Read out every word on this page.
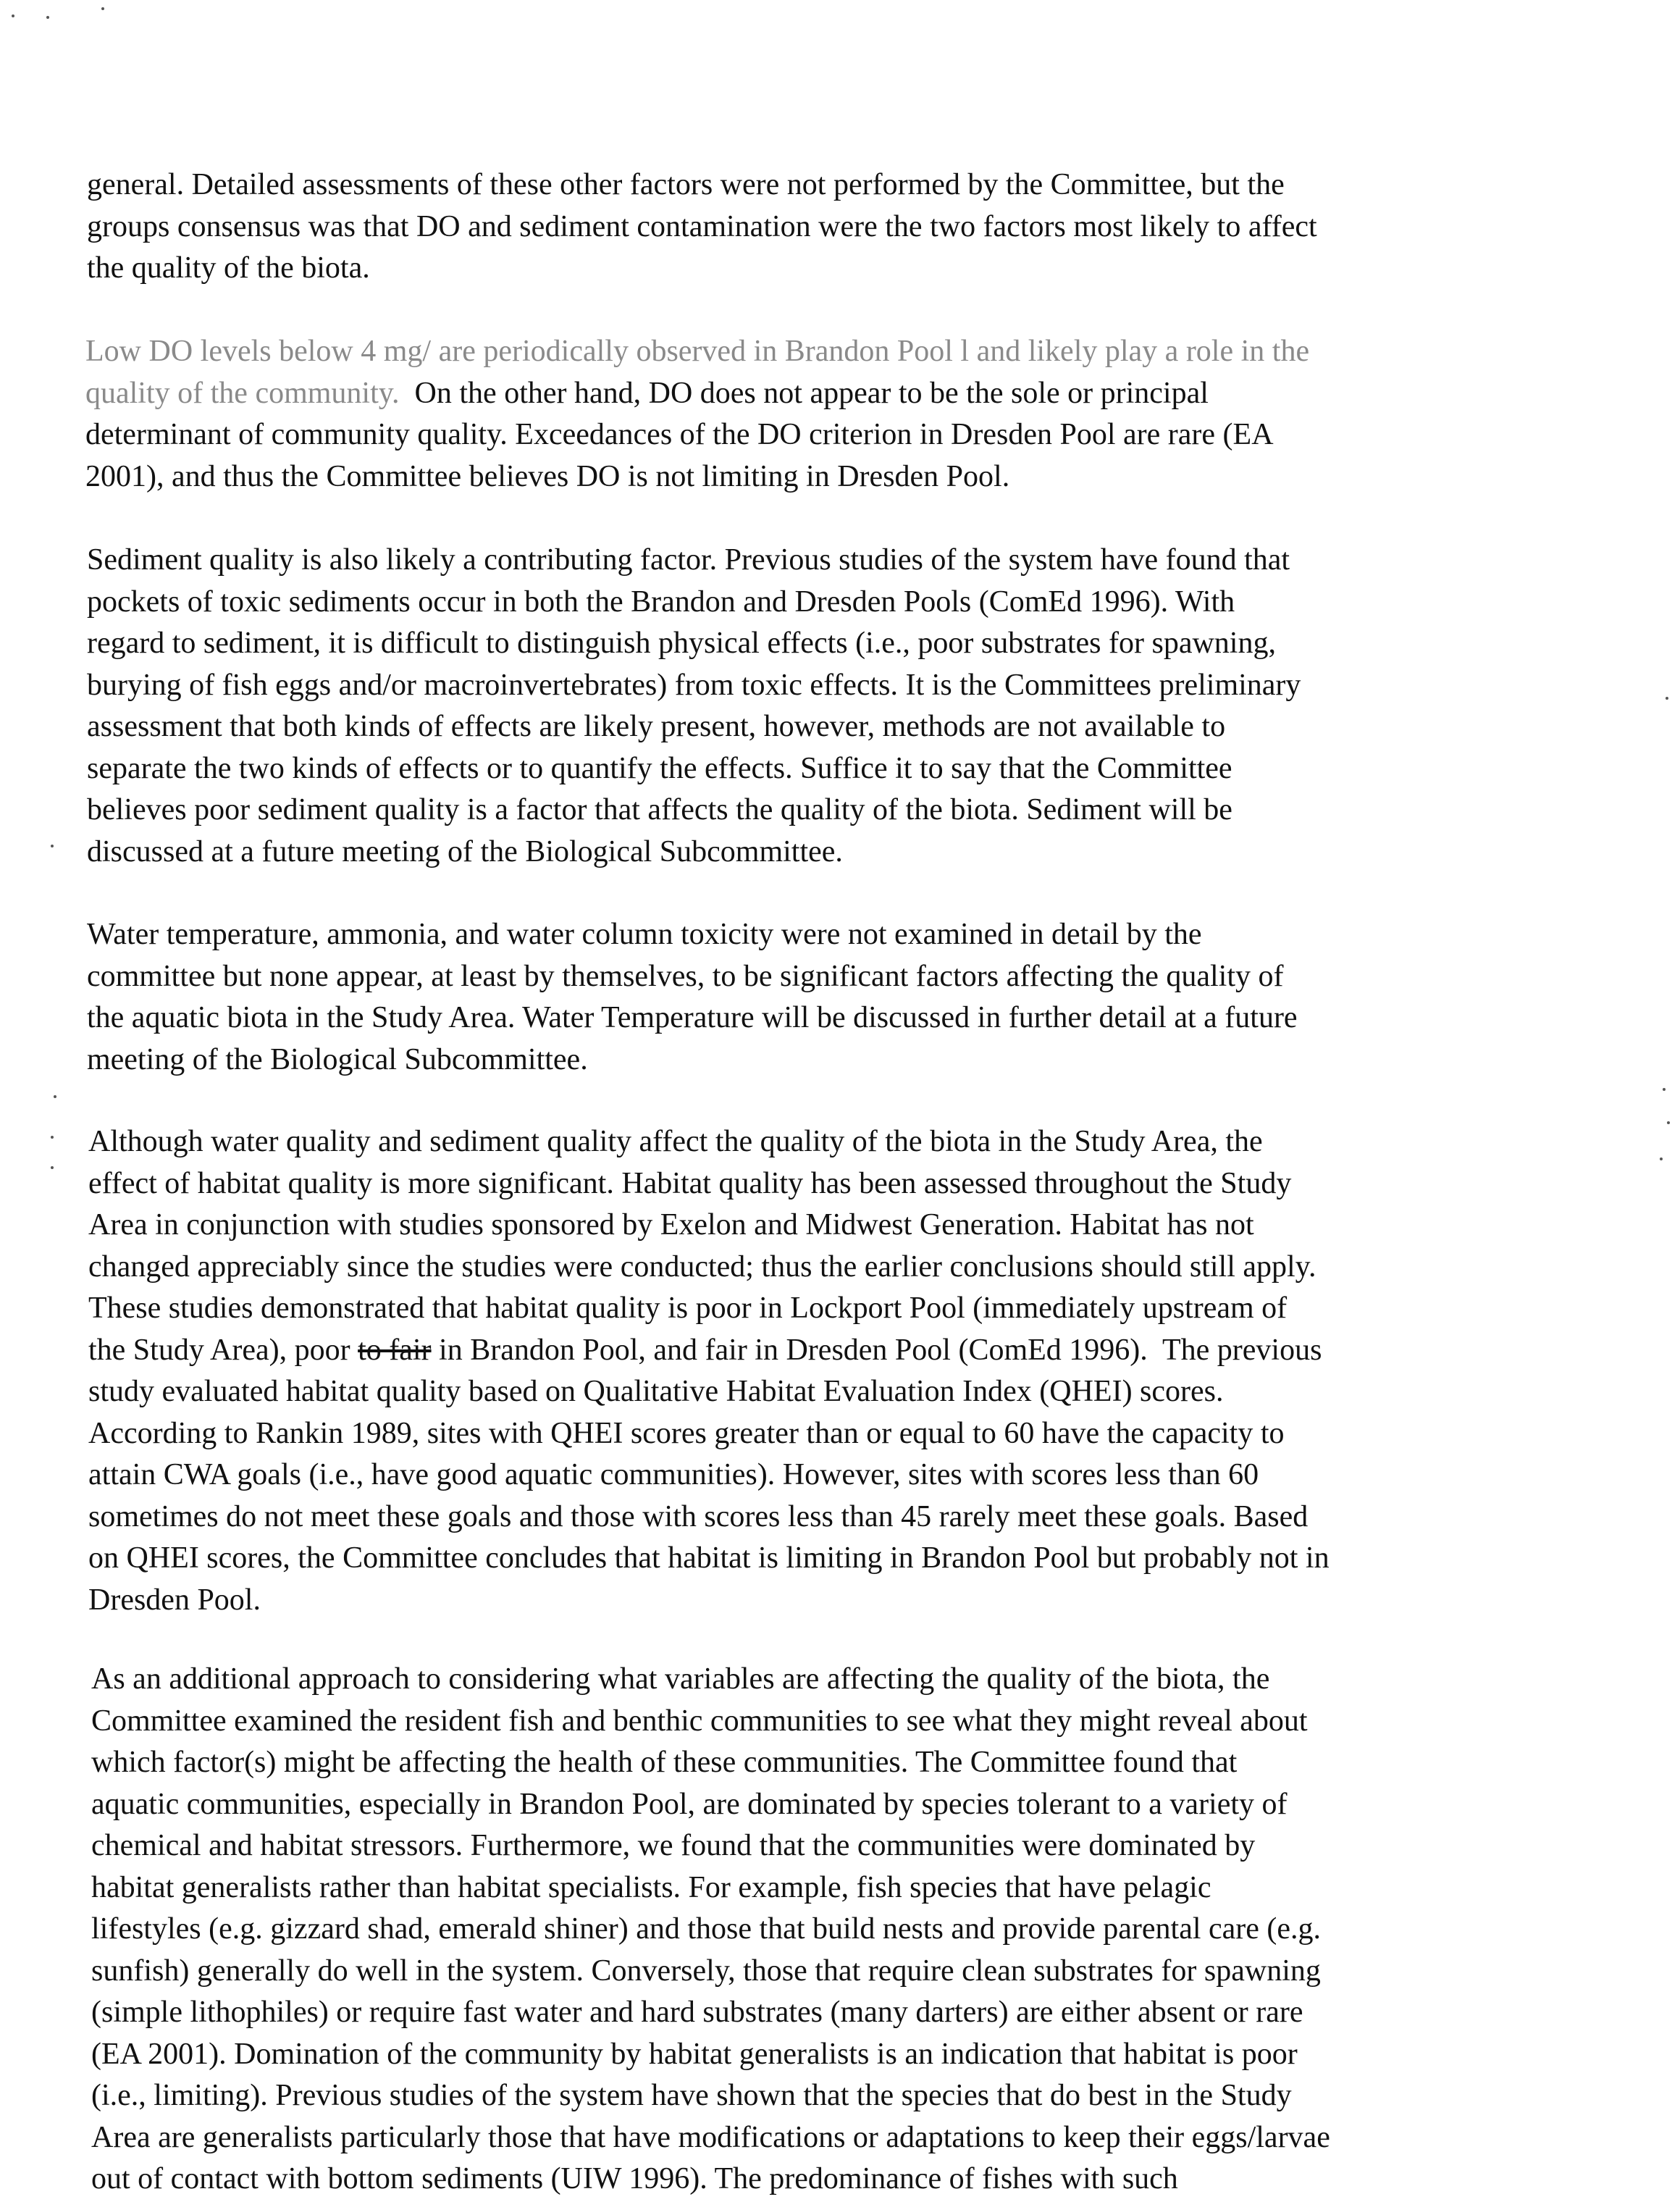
general. Detailed assessments of these other factors were not performed by the Committee, but the
groups consensus was that DO and sediment contamination were the two factors most likely to affect
the quality of the biota.

Low DO levels below 4 mg/ are periodically observed in Brandon Pool l and likely play a role in the
quality of the community.  On the other hand, DO does not appear to be the sole or principal
determinant of community quality. Exceedances of the DO criterion in Dresden Pool are rare (EA
2001), and thus the Committee believes DO is not limiting in Dresden Pool.

Sediment quality is also likely a contributing factor. Previous studies of the system have found that
pockets of toxic sediments occur in both the Brandon and Dresden Pools (ComEd 1996). With
regard to sediment, it is difficult to distinguish physical effects (i.e., poor substrates for spawning,
burying of fish eggs and/or macroinvertebrates) from toxic effects. It is the Committees preliminary
assessment that both kinds of effects are likely present, however, methods are not available to
separate the two kinds of effects or to quantify the effects. Suffice it to say that the Committee
believes poor sediment quality is a factor that affects the quality of the biota. Sediment will be
discussed at a future meeting of the Biological Subcommittee.

Water temperature, ammonia, and water column toxicity were not examined in detail by the
committee but none appear, at least by themselves, to be significant factors affecting the quality of
the aquatic biota in the Study Area. Water Temperature will be discussed in further detail at a future
meeting of the Biological Subcommittee.

Although water quality and sediment quality affect the quality of the biota in the Study Area, the
effect of habitat quality is more significant. Habitat quality has been assessed throughout the Study
Area in conjunction with studies sponsored by Exelon and Midwest Generation. Habitat has not
changed appreciably since the studies were conducted; thus the earlier conclusions should still apply.
These studies demonstrated that habitat quality is poor in Lockport Pool (immediately upstream of
the Study Area), poor to fair in Brandon Pool, and fair in Dresden Pool (ComEd 1996).  The previous
study evaluated habitat quality based on Qualitative Habitat Evaluation Index (QHEI) scores.
According to Rankin 1989, sites with QHEI scores greater than or equal to 60 have the capacity to
attain CWA goals (i.e., have good aquatic communities). However, sites with scores less than 60
sometimes do not meet these goals and those with scores less than 45 rarely meet these goals. Based
on QHEI scores, the Committee concludes that habitat is limiting in Brandon Pool but probably not in
Dresden Pool.

As an additional approach to considering what variables are affecting the quality of the biota, the
Committee examined the resident fish and benthic communities to see what they might reveal about
which factor(s) might be affecting the health of these communities. The Committee found that
aquatic communities, especially in Brandon Pool, are dominated by species tolerant to a variety of
chemical and habitat stressors. Furthermore, we found that the communities were dominated by
habitat generalists rather than habitat specialists. For example, fish species that have pelagic
lifestyles (e.g. gizzard shad, emerald shiner) and those that build nests and provide parental care (e.g.
sunfish) generally do well in the system. Conversely, those that require clean substrates for spawning
(simple lithophiles) or require fast water and hard substrates (many darters) are either absent or rare
(EA 2001). Domination of the community by habitat generalists is an indication that habitat is poor
(i.e., limiting). Previous studies of the system have shown that the species that do best in the Study
Area are generalists particularly those that have modifications or adaptations to keep their eggs/larvae
out of contact with bottom sediments (UIW 1996). The predominance of fishes with such
